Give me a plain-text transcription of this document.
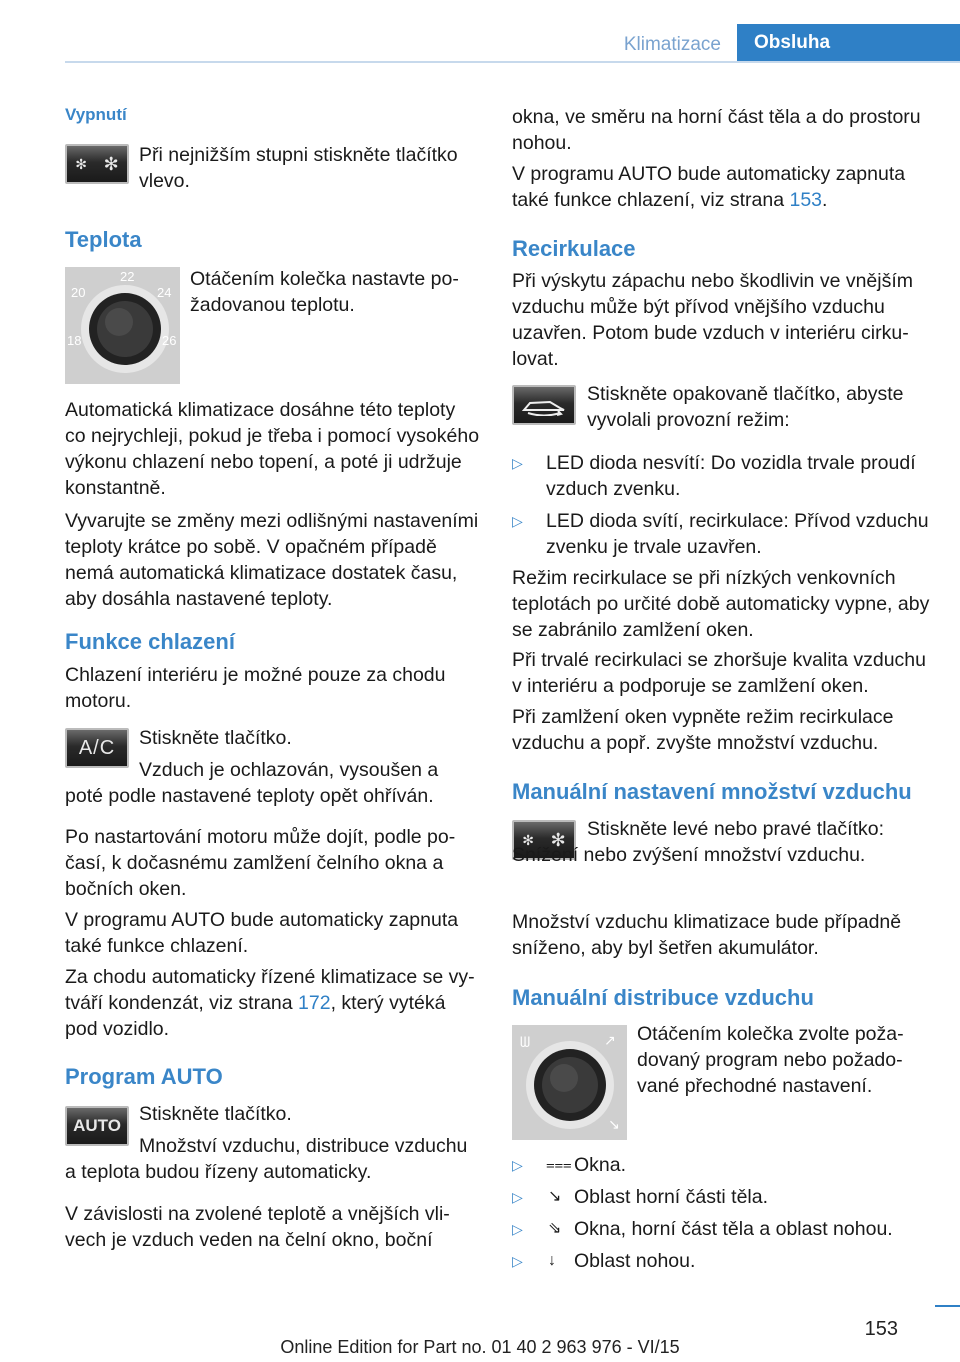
Klimatizace	Obsluha
Vypnutí
✻ ✻ Při nejnižším stupni stiskněte tlačítko vlevo.
Teplota
22
20	24
18	26
Otáčením kolečka nastavte požadovanou teplotu.
Automatická klimatizace dosáhne této teploty co nejrychleji, pokud je třeba i pomocí vysokého výkonu chlazení nebo topení, a poté ji udržuje konstantně.
Vyvarujte se změny mezi odlišnými nastaveními teploty krátce po sobě. V opačném případě nemá automatická klimatizace dostatek času, aby dosáhla nastavené teploty.
Funkce chlazení
Chlazení interiéru je možné pouze za chodu motoru.
A/C	Stiskněte tlačítko.
Vzduch je ochlazován, vysoušen a poté podle nastavené teploty opět ohříván.
Po nastartování motoru může dojít, podle počasí, k dočasnému zamlžení čelního okna a bočních oken.
V programu AUTO bude automaticky zapnuta také funkce chlazení.
Za chodu automaticky řízené klimatizace se vytváří kondenzát, viz strana 172, který vytéká pod vozidlo.
Program AUTO
AUTO
Stiskněte tlačítko.
Množství vzduchu, distribuce vzduchu a teplota budou řízeny automaticky.
V závislosti na zvolené teplotě a vnějších vlivech je vzduch veden na čelní okno, boční
okna, ve směru na horní část těla a do prostoru nohou.
V programu AUTO bude automaticky zapnuta také funkce chlazení, viz strana 153.
Recirkulace
Při výskytu zápachu nebo škodlivin ve vnějším vzduchu může být přívod vnějšího vzduchu uzavřen. Potom bude vzduch v interiéru cirkulovat.
Stiskněte opakovaně tlačítko, abyste vyvolali provozní režim:
▷ LED dioda nesvítí: Do vozidla trvale proudí vzduch zvenku.
▷ LED dioda svítí, recirkulace: Přívod vzduchu zvenku je trvale uzavřen.
Režim recirkulace se při nízkých venkovních teplotách po určité době automaticky vypne, aby se zabránilo zamlžení oken.
Při trvalé recirkulaci se zhoršuje kvalita vzduchu v interiéru a podporuje se zamlžení oken.
Při zamlžení oken vypněte režim recirkulace vzduchu a popř. zvyšte množství vzduchu.
Manuální nastavení množství vzduchu
✻ ✻	Stiskněte levé nebo pravé tlačítko: Snížení nebo zvýšení množství vzduchu.
Množství vzduchu klimatizace bude případně sníženo, aby byl šetřen akumulátor.
Manuální distribuce vzduchu
ᗯ	↗
↘
Otáčením kolečka zvolte požadovaný program nebo požadované přechodné nastavení.
▷ ⩶ Okna.
▷ ↘ Oblast horní části těla.
▷ ⇘ Okna, horní část těla a oblast nohou.
▷ ↓ Oblast nohou.
153
Online Edition for Part no. 01 40 2 963 976 - VI/15
